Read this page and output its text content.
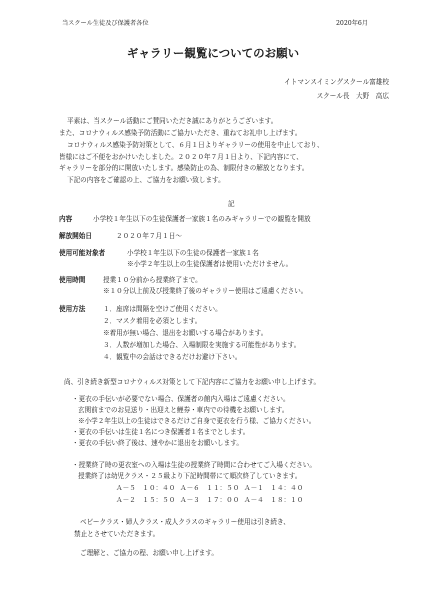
当スクール生徒及び保護者各位	2020年6月
ギャラリー観覧についてのお願い
イトマンスイミングスクール富雄校
スクール長　大野　高広
平素は、当スクール活動にご賛同いただき誠にありがとうございます。
また、コロナウィルス感染予防活動にご協力いただき、重ねてお礼申し上げます。
コロナウィルス感染予防対策として、６月１日よりギャラリーの使用を中止しており、
皆様にはご不便をおかけいたしました。２０２０年７月１日より、下記内容にて、
ギャラリーを部分的に開放いたします。感染防止の為、制限付きの解放となります。
下記の内容をご確認の上、ご協力をお願い致します。
記
内容	小学校１年生以下の生徒保護者一家族１名のみギャラリーでの観覧を開放
解放開始日	２０２０年７月１日～
使用可能対象者	小学校１年生以下の生徒の保護者一家族１名
※小学２年生以上の生徒保護者は使用いただけません。
使用時間	授業１０分前から授業終了まで。
※１０分以上前及び授業終了後のギャラリー使用はご遠慮ください。
使用方法	１．座席は間隔を空けご使用ください。
２．マスク着用を必須とします。
※着用が無い場合、退出をお願いする場合があります。
３．人数が増加した場合、入場制限を実施する可能性があります。
４．観覧中の会話はできるだけお避け下さい。
尚、引き続き新型コロナウィルス対策として下記内容にご協力をお願い申し上げます。
・更衣の手伝いが必要でない場合、保護者の館内入場はご遠慮ください。
玄関前までのお見送り・出迎えと鯉券・車内での待機をお願いします。
※小学２年生以上の生徒はできるだけご自身で更衣を行う様、ご協力ください。
・更衣の手伝いは生徒１名につき保護者１名までとします。
・更衣の手伝い終了後は、速やかに退出をお願いします。
・授業終了時の更衣室への入場は生徒の授業終了時間に合わせてご入場ください。
授業終了は幼児クラス・２５級より下記時間帯にて順次終了していきます。
Ａ－５　１０：４０ Ａ－６　１１：５０ Ａ－１　１４：４０
Ａ－２　１５：５０ Ａ－３　１７：００ Ａ－４　１８：１０
ベビークラス・婦人クラス・成人クラスのギャラリー使用は引き続き、
禁止とさせていただきます。
ご理解と、ご協力の程、お願い申し上げます。
